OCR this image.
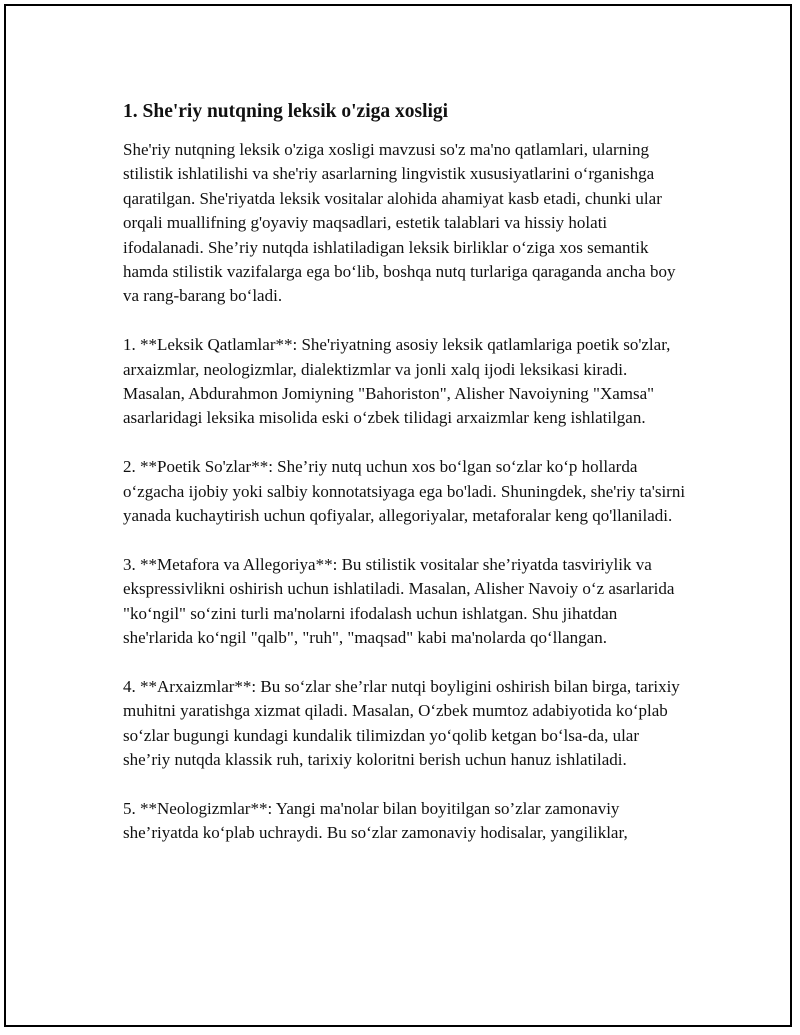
1. She'riy nutqning leksik o'ziga xosligi

She'riy nutqning leksik o'ziga xosligi mavzusi so'z ma'no qatlamlari, ularning stilistik ishlatilishi va she'riy asarlarning lingvistik xususiyatlarini o‘rganishga qaratilgan. She'riyatda leksik vositalar alohida ahamiyat kasb etadi, chunki ular orqali muallifning g'oyaviy maqsadlari, estetik talablari va hissiy holati ifodalanadi. She’riy nutqda ishlatiladigan leksik birliklar o‘ziga xos semantik hamda stilistik vazifalarga ega bo‘lib, boshqa nutq turlariga qaraganda ancha boy va rang-barang bo‘ladi.

1. **Leksik Qatlamlar**: She'riyatning asosiy leksik qatlamlariga poetik so'zlar, arxaizmlar, neologizmlar, dialektizmlar va jonli xalq ijodi leksikasi kiradi. Masalan, Abdurahmon Jomiyning "Bahoriston", Alisher Navoiyning "Xamsa" asarlaridagi leksika misolida eski o‘zbek tilidagi arxaizmlar keng ishlatilgan.

2. **Poetik So'zlar**: She’riy nutq uchun xos bo‘lgan so‘zlar ko‘p hollarda o‘zgacha ijobiy yoki salbiy konnotatsiyaga ega bo'ladi. Shuningdek, she'riy ta'sirni yanada kuchaytirish uchun qofiyalar, allegoriyalar, metaforalar keng qo'llaniladi.

3. **Metafora va Allegoriya**: Bu stilistik vositalar she’riyatda tasviriylik va ekspressivlikni oshirish uchun ishlatiladi. Masalan, Alisher Navoiy o‘z asarlarida "ko‘ngil" so‘zini turli ma'nolarni ifodalash uchun ishlatgan. Shu jihatdan she'rlarida ko‘ngil "qalb", "ruh", "maqsad" kabi ma'nolarda qo‘llangan.

4. **Arxaizmlar**: Bu so‘zlar she’rlar nutqi boyligini oshirish bilan birga, tarixiy muhitni yaratishga xizmat qiladi. Masalan, O‘zbek mumtoz adabiyotida ko‘plab so‘zlar bugungi kundagi kundalik tilimizdan yo‘qolib ketgan bo‘lsa-da, ular she’riy nutqda klassik ruh, tarixiy koloritni berish uchun hanuz ishlatiladi.

5. **Neologizmlar**: Yangi ma'nolar bilan boyitilgan so’zlar zamonaviy she’riyatda ko‘plab uchraydi. Bu so‘zlar zamonaviy hodisalar, yangiliklar,
